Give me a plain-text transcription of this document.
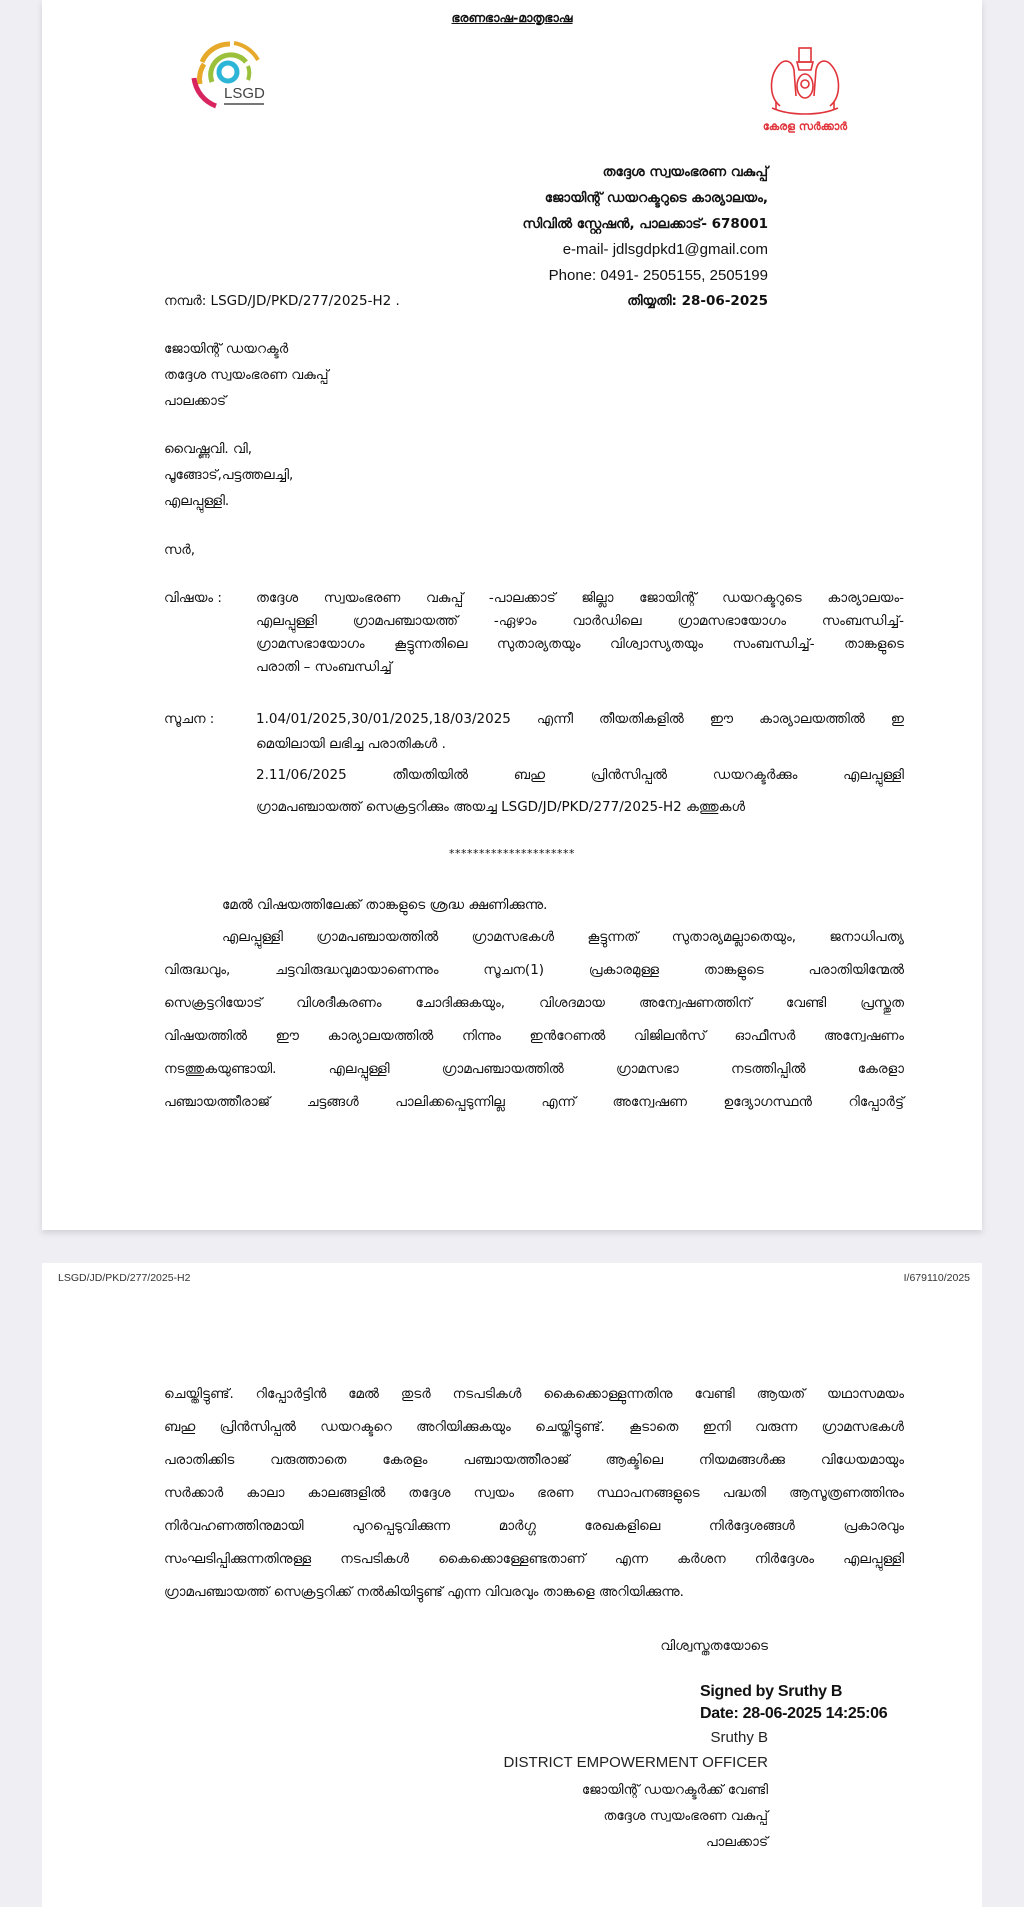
ഭരണഭാഷ-മാതൃഭാഷ
LSGD
കേരള സർക്കാർ
തദ്ദേശ സ്വയംഭരണ വകുപ്പ്
ജോയിന്റ് ഡയറക്ടറുടെ കാര്യാലയം,
സിവിൽ സ്റ്റേഷൻ, പാലക്കാട്- 678001
e-mail- jdlsgdpkd1@gmail.com
Phone: 0491- 2505155, 2505199
തിയ്യതി: 28-06-2025
നമ്പർ: LSGD/JD/PKD/277/2025-H2 .
ജോയിന്റ് ഡയറക്ടർ
തദ്ദേശ സ്വയംഭരണ വകുപ്പ്
പാലക്കാട്
വൈഷ്ണവി. വി,
പൂങ്ങോട്,പട്ടത്തലച്ചി,
എലപ്പുള്ളി.
സർ,
വിഷയം :	തദ്ദേശ സ്വയംഭരണ വകുപ്പ് -പാലക്കാട് ജില്ലാ ജോയിന്റ് ഡയറക്ടറുടെ കാര്യാലയം-
എലപ്പുള്ളി ഗ്രാമപഞ്ചായത്ത് -ഏഴാം വാർഡിലെ ഗ്രാമസഭായോഗം സംബന്ധിച്ച്-
ഗ്രാമസഭായോഗം കൂട്ടുന്നതിലെ സുതാര്യതയും വിശ്വാസ്യതയും സംബന്ധിച്ച്- താങ്കളുടെ
പരാതി – സംബന്ധിച്ച്
സൂചന :	1.04/01/2025,30/01/2025,18/03/2025 എന്നീ തീയതികളിൽ ഈ കാര്യാലയത്തിൽ ഇ
മെയിലായി ലഭിച്ച പരാതികൾ .
2.11/06/2025 തീയതിയിൽ ബഹു പ്രിൻസിപ്പൽ ഡയറക്ടർക്കും എലപ്പുള്ളി
ഗ്രാമപഞ്ചായത്ത് സെക്രട്ടറിക്കും അയച്ച LSGD/JD/PKD/277/2025-H2 കത്തുകൾ
*********************
മേൽ വിഷയത്തിലേക്ക് താങ്കളുടെ ശ്രദ്ധ ക്ഷണിക്കുന്നു.
എലപ്പുള്ളി ഗ്രാമപഞ്ചായത്തിൽ ഗ്രാമസഭകൾ കൂട്ടുന്നത് സുതാര്യമല്ലാതെയും, ജനാധിപത്യ
വിരുദ്ധവും, ചട്ടവിരുദ്ധവുമായാണെന്നും സൂചന(1) പ്രകാരമുള്ള താങ്കളുടെ പരാതിയിന്മേൽ
സെക്രട്ടറിയോട് വിശദീകരണം ചോദിക്കുകയും, വിശദമായ അന്വേഷണത്തിന് വേണ്ടി പ്രസ്തുത
വിഷയത്തിൽ ഈ കാര്യാലയത്തിൽ നിന്നും ഇൻറേണൽ വിജിലൻസ് ഓഫീസർ അന്വേഷണം
നടത്തുകയുണ്ടായി. എലപ്പുള്ളി ഗ്രാമപഞ്ചായത്തിൽ ഗ്രാമസഭാ നടത്തിപ്പിൽ കേരളാ
പഞ്ചായത്തീരാജ് ചട്ടങ്ങൾ പാലിക്കപ്പെടുന്നില്ല എന്ന് അന്വേഷണ ഉദ്യോഗസ്ഥൻ റിപ്പോർട്ട്
LSGD/JD/PKD/277/2025-H2	I/679110/2025
ചെയ്തിട്ടുണ്ട്. റിപ്പോർട്ടിൻ മേൽ തുടർ നടപടികൾ കൈക്കൊള്ളുന്നതിനു വേണ്ടി ആയത് യഥാസമയം
ബഹു പ്രിൻസിപ്പൽ ഡയറക്ടറെ അറിയിക്കുകയും ചെയ്തിട്ടുണ്ട്. കൂടാതെ ഇനി വരുന്ന ഗ്രാമസഭകൾ
പരാതിക്കിട വരുത്താതെ കേരളം പഞ്ചായത്തീരാജ് ആക്ടിലെ നിയമങ്ങൾക്കു വിധേയമായും
സർക്കാർ കാലാ കാലങ്ങളിൽ തദ്ദേശ സ്വയം ഭരണ സ്ഥാപനങ്ങളുടെ പദ്ധതി ആസൂത്രണത്തിനും
നിർവഹണത്തിനുമായി പുറപ്പെടുവിക്കുന്ന മാർഗ്ഗ രേഖകളിലെ നിർദ്ദേശങ്ങൾ പ്രകാരവും
സംഘടിപ്പിക്കുന്നതിനുള്ള നടപടികൾ കൈക്കൊള്ളേണ്ടതാണ് എന്ന കർശന നിർദ്ദേശം എലപ്പുള്ളി
ഗ്രാമപഞ്ചായത്ത് സെക്രട്ടറിക്ക് നൽകിയിട്ടുണ്ട് എന്ന വിവരവും താങ്കളെ അറിയിക്കുന്നു.
വിശ്വസ്തതയോടെ
Signed by Sruthy B
Date: 28-06-2025 14:25:06
Sruthy B
DISTRICT EMPOWERMENT OFFICER
ജോയിന്റ് ഡയറക്ടർക്ക് വേണ്ടി
തദ്ദേശ സ്വയംഭരണ വകുപ്പ്
പാലക്കാട്
